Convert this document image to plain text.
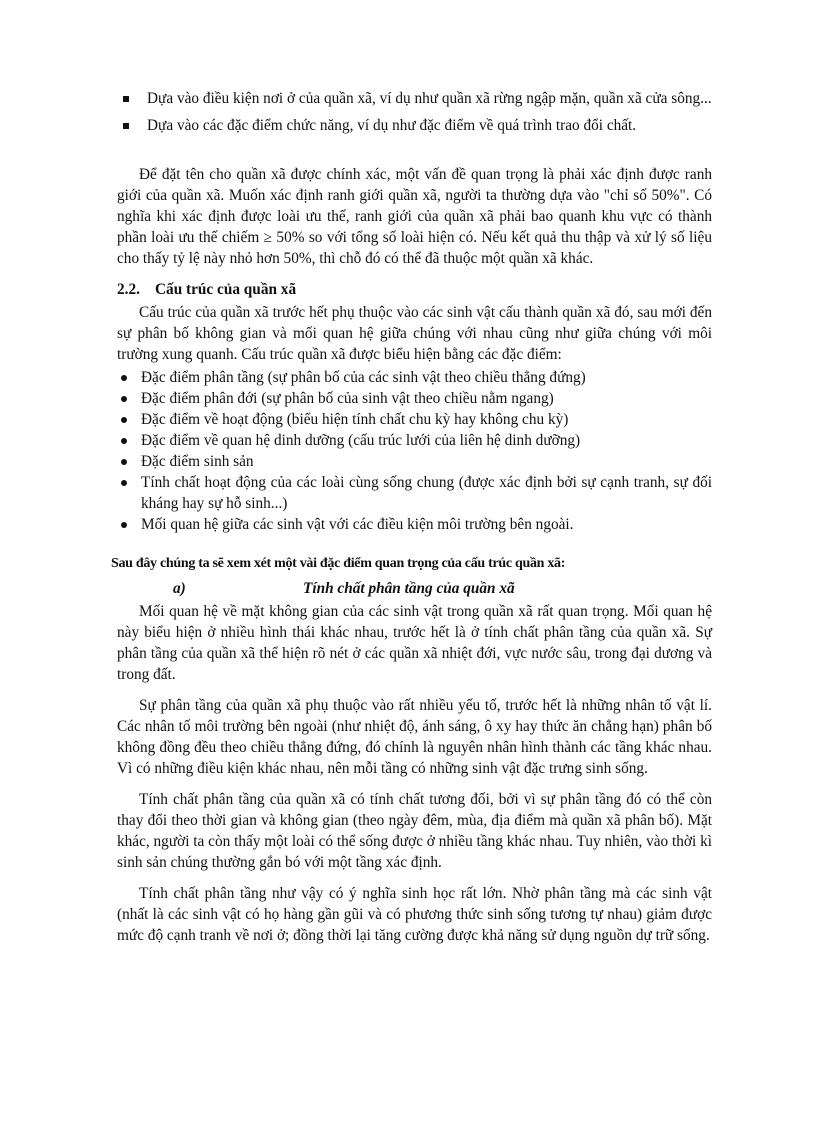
Dựa vào điều kiện nơi ở của quần xã, ví dụ như quần xã rừng ngập mặn, quần xã cửa sông...
Dựa vào các đặc điểm chức năng, ví dụ như đặc điểm về quá trình trao đổi chất.

Để đặt tên cho quần xã được chính xác, một vấn đề quan trọng là phải xác định được ranh giới của quần xã. Muốn xác định ranh giới quần xã, người ta thường dựa vào "chỉ số 50%". Có nghĩa khi xác định được loài ưu thế, ranh giới của quần xã phải bao quanh khu vực có thành phần loài ưu thế chiếm ≥ 50% so với tổng số loài hiện có. Nếu kết quả thu thập và xử lý số liệu cho thấy tỷ lệ này nhỏ hơn 50%, thì chỗ đó có thể đã thuộc một quần xã khác.

2.2. Cấu trúc của quần xã

Cấu trúc của quần xã trước hết phụ thuộc vào các sinh vật cấu thành quần xã đó, sau mới đến sự phân bố không gian và mối quan hệ giữa chúng với nhau cũng như giữa chúng với môi trường xung quanh. Cấu trúc quần xã được biểu hiện bằng các đặc điểm:

Đặc điểm phân tầng (sự phân bố của các sinh vật theo chiều thẳng đứng)
Đặc điểm phân đới (sự phân bố của sinh vật theo chiều nằm ngang)
Đặc điểm về hoạt động (biểu hiện tính chất chu kỳ hay không chu kỳ)
Đặc điểm về quan hệ dinh dưỡng (cấu trúc lưới của liên hệ dinh dưỡng)
Đặc điểm sinh sản
Tính chất hoạt động của các loài cùng sống chung (được xác định bởi sự cạnh tranh, sự đối kháng hay sự hỗ sinh...)
Mối quan hệ giữa các sinh vật với các điều kiện môi trường bên ngoài.
Sau đây chúng ta sẽ xem xét một vài đặc điểm quan trọng của cấu trúc quần xã:
a)	Tính chất phân tầng của quần xã

Mối quan hệ về mặt không gian của các sinh vật trong quần xã rất quan trọng. Mối quan hệ này biểu hiện ở nhiều hình thái khác nhau, trước hết là ở tính chất phân tầng của quần xã. Sự phân tầng của quần xã thể hiện rõ nét ở các quần xã nhiệt đới, vực nước sâu, trong đại dương và trong đất.

Sự phân tầng của quần xã phụ thuộc vào rất nhiều yếu tố, trước hết là những nhân tố vật lí. Các nhân tố môi trường bên ngoài (như nhiệt độ, ánh sáng, ô xy hay thức ăn chẳng hạn) phân bố không đồng đều theo chiều thẳng đứng, đó chính là nguyên nhân hình thành các tầng khác nhau. Vì có những điều kiện khác nhau, nên mỗi tầng có những sinh vật đặc trưng sinh sống.

Tính chất phân tầng của quần xã có tính chất tương đối, bởi vì sự phân tầng đó có thể còn thay đổi theo thời gian và không gian (theo ngày đêm, mùa, địa điểm mà quần xã phân bố). Mặt khác, người ta còn thấy một loài có thể sống được ở nhiều tầng khác nhau. Tuy nhiên, vào thời kì sinh sản chúng thường gắn bó với một tầng xác định.

Tính chất phân tầng như vậy có ý nghĩa sinh học rất lớn. Nhờ phân tầng mà các sinh vật (nhất là các sinh vật có họ hàng gần gũi và có phương thức sinh sống tương tự nhau) giảm được mức độ cạnh tranh về nơi ở; đồng thời lại tăng cường được khả năng sử dụng nguồn dự trữ sống.
